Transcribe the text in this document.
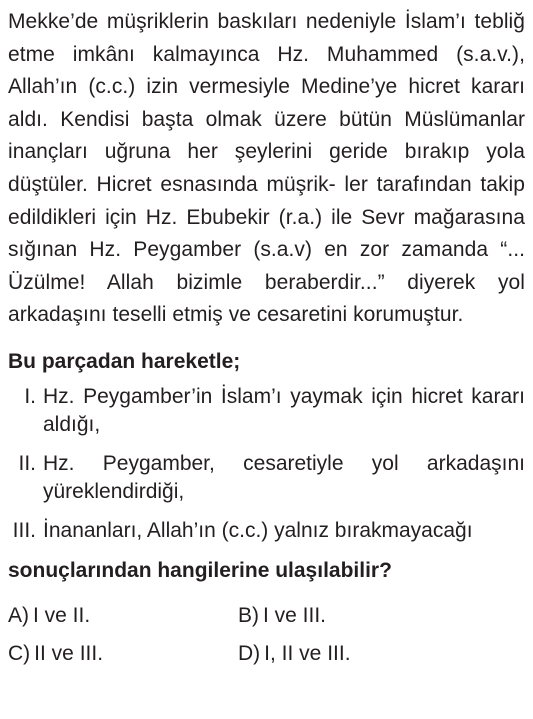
Mekke’de müşriklerin baskıları nedeniyle İslam’ı tebliğ etme imkânı kalmayınca Hz. Muhammed (s.a.v.), Allah’ın (c.c.) izin vermesiyle Medine’ye hicret kararı aldı. Kendisi başta olmak üzere bütün Müslümanlar inançları uğruna her şeylerini geride bırakıp yola düştüler. Hicret esnasında müşrik- ler tarafından takip edildikleri için Hz. Ebubekir (r.a.) ile Sevr mağarasına sığınan Hz. Peygamber (s.a.v) en zor zamanda “... Üzülme! Allah bizimle beraberdir...” diyerek yol arkadaşını teselli etmiş ve cesaretini korumuştur.

Bu parçadan hareketle;

I. Hz. Peygamber’in İslam’ı yaymak için hicret kararı aldığı,
II. Hz. Peygamber, cesaretiyle yol arkadaşını yüreklendirdiği,
III. İnananları, Allah’ın (c.c.) yalnız bırakmayacağı

sonuçlarından hangilerine ulaşılabilir?

A) I ve II.	B) I ve III.
C) II ve III.	D) I, II ve III.
